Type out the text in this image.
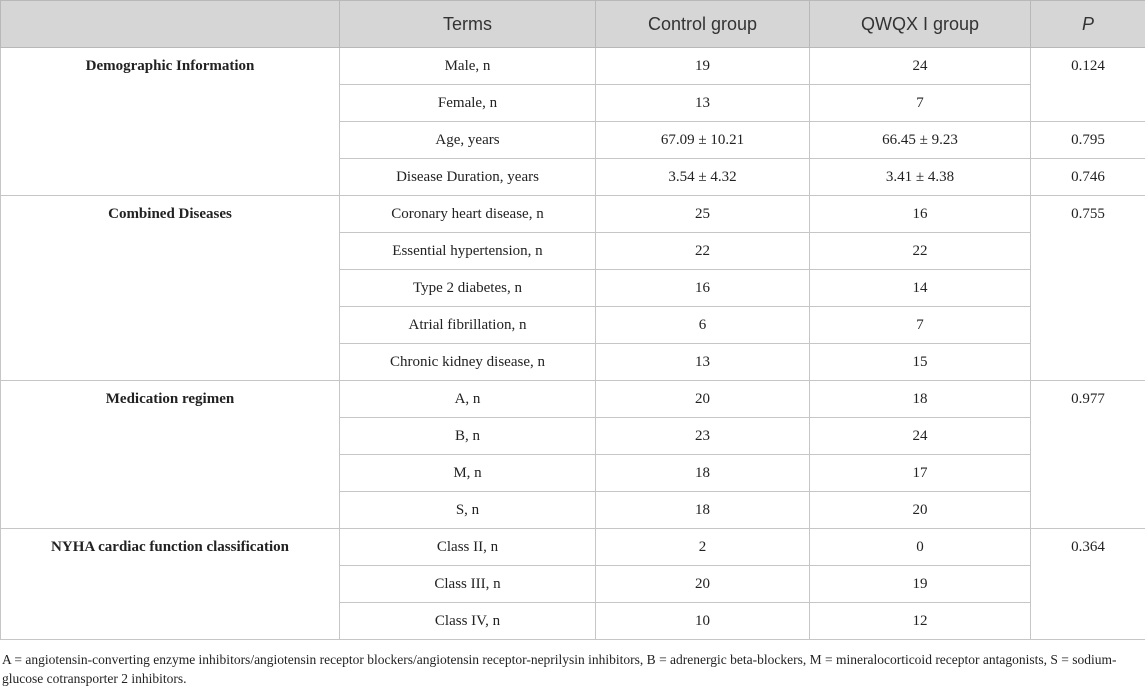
	Terms	Control group	QWQX I group	P
Demographic Information	Male, n	19	24	0.124
	Female, n	13	7	
	Age, years	67.09 ± 10.21	66.45 ± 9.23	0.795
	Disease Duration, years	3.54 ± 4.32	3.41 ± 4.38	0.746
Combined Diseases	Coronary heart disease, n	25	16	0.755
	Essential hypertension, n	22	22	
	Type 2 diabetes, n	16	14	
	Atrial fibrillation, n	6	7	
	Chronic kidney disease, n	13	15	
Medication regimen	A, n	20	18	0.977
	B, n	23	24	
	M, n	18	17	
	S, n	18	20	
NYHA cardiac function classification	Class II, n	2	0	0.364
	Class III, n	20	19	
	Class IV, n	10	12	
A = angiotensin-converting enzyme inhibitors/angiotensin receptor blockers/angiotensin receptor-neprilysin inhibitors, B = adrenergic beta-blockers, M = mineralocorticoid receptor antagonists, S = sodium-glucose cotransporter 2 inhibitors.
